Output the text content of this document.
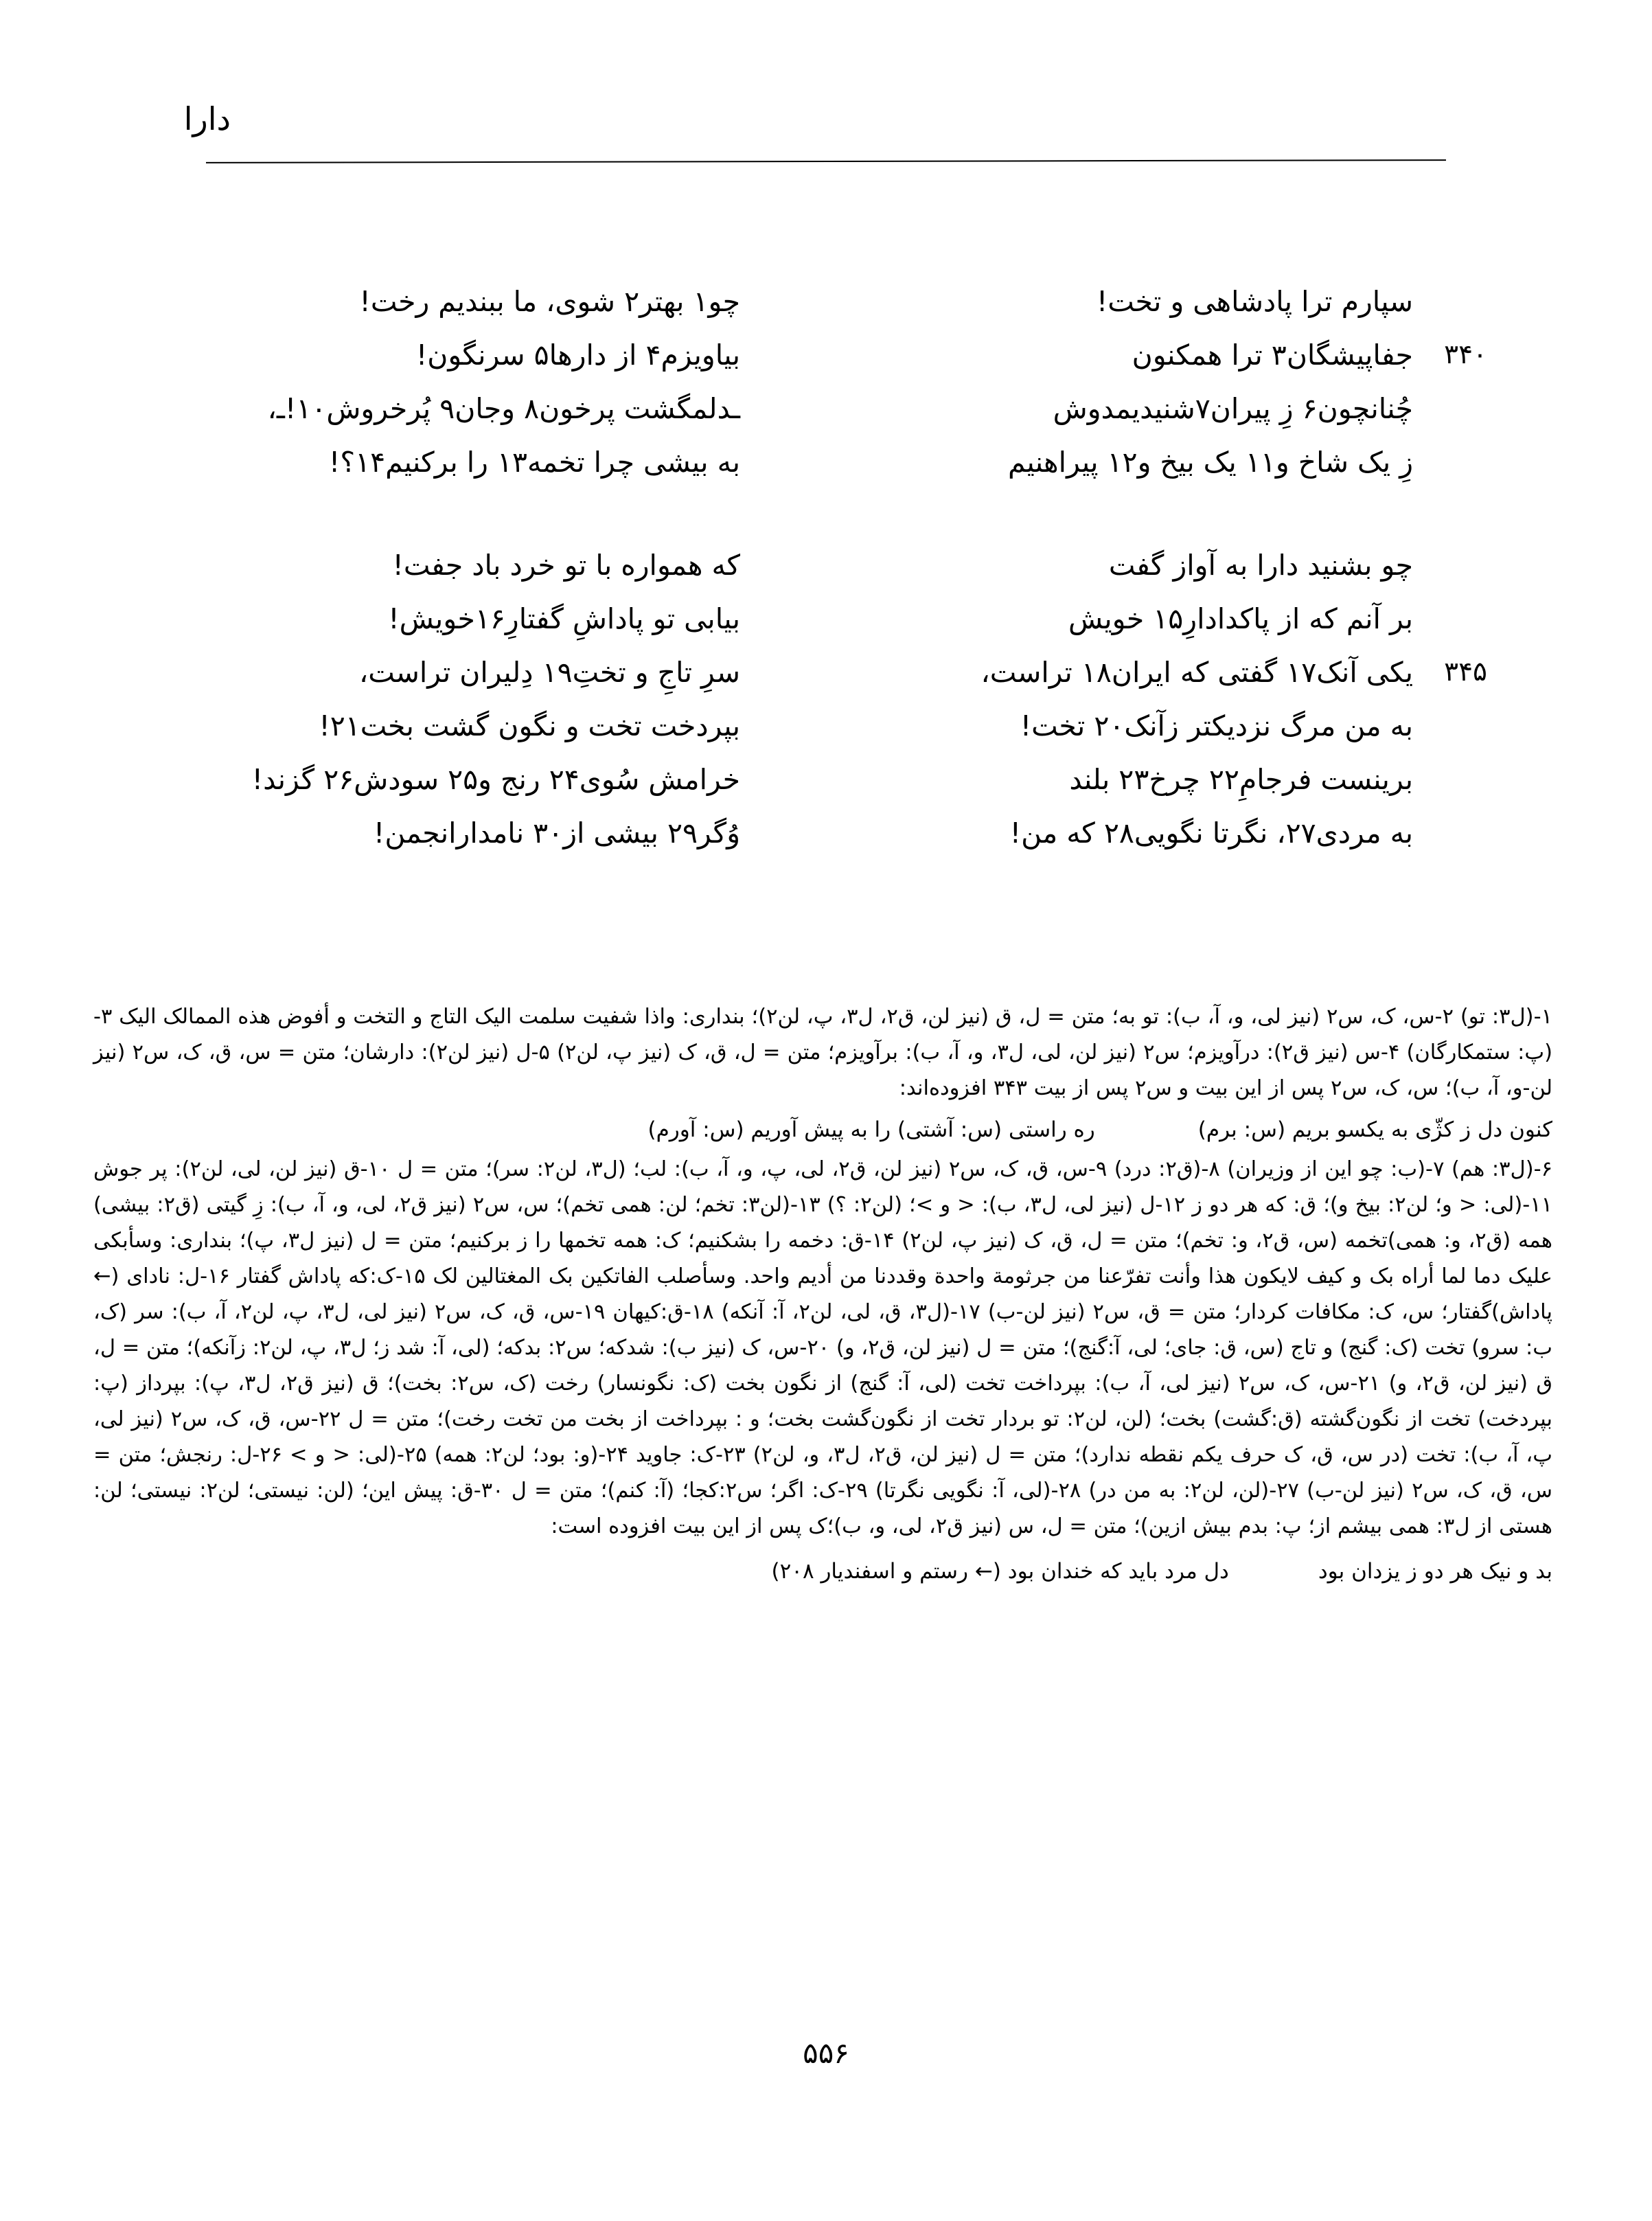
دارا
سپارم ترا پادشاهی و تخت!
چو۱ بهتر۲ شوی، ما ببندیم رخت!
۳۴۰
جفاپیشگان۳ ترا همکنون
بیاویزم۴ از دارها۵ سرنگون!
چُنانچون۶ زِ پیران۷شنیدیمدوش
ـدلمگشت پرخون۸ وجان۹ پُرخروش۱۰!ـ،
زِ یک شاخ و۱۱ یک بیخ و۱۲ پیراهنیم
به بیشی چرا تخمه۱۳ را برکنیم۱۴؟!
چو بشنید دارا به آواز گفت
که همواره با تو خرد باد جفت!
بر آنم که از پاکدادارِ۱۵ خویش
بیابی تو پاداشِ گفتارِ۱۶خویش!
۳۴۵
یکی آنک۱۷ گفتی که ایران۱۸ تراست،
سرِ تاجِ و تختِ۱۹ دِلیران تراست،
به من مرگ نزدیکتر زآنک۲۰ تخت!
بپردخت تخت و نگون گشت بخت۲۱!
برینست فرجامِ۲۲ چرخ۲۳ بلند
خرامش سُوی۲۴ رنج و۲۵ سودش۲۶ گزند!
به مردی۲۷، نگرتا نگویی۲۸ که من!
وُگر۲۹ بیشی از۳۰ نامدارانجمن!
۱-(ل۳: تو) ۲-س، ک، س۲ (نیز لی، و، آ، ب): تو به؛ متن = ل، ق (نیز لن، ق۲، ل۳، پ، لن۲)؛ بنداری: واذا شفیت سلمت الیک التاج و التخت و أفوض هذه الممالک الیک ۳-(پ: ستمکارگان) ۴-س (نیز ق۲): درآویزم؛ س۲ (نیز لن، لی، ل۳، و، آ، ب): برآویزم؛ متن = ل، ق، ک (نیز پ، لن۲) ۵-ل (نیز لن۲): دارشان؛ متن = س، ق، ک، س۲ (نیز لن-و، آ، ب)؛ س، ک، س۲ پس از این بیت و س۲ پس از بیت ۳۴۳ افزوده‌اند:
کنون دل ز کژّی به یکسو بریم (س: برم)
ره راستی (س: آشتی) را به پیش آوریم (س: آورم)
۶-(ل۳: هم) ۷-(ب: چو این از وزیران) ۸-(ق۲: درد) ۹-س، ق، ک، س۲ (نیز لن، ق۲، لی، پ، و، آ، ب): لب؛ (ل۳، لن۲: سر)؛ متن = ل ۱۰-ق (نیز لن، لی، لن۲): پر جوش ۱۱-(لی: < و؛ لن۲: بیخ و)؛ ق: که هر دو ز ۱۲-ل (نیز لی، ل۳، ب): < و >؛ (لن۲: ؟) ۱۳-(لن۳: تخم؛ لن: همی تخم)؛ س، س۲ (نیز ق۲، لی، و، آ، ب): زِ گیتی (ق۲: بیشی) همه (ق۲، و: همی)تخمه (س، ق۲، و: تخم)؛ متن = ل، ق، ک (نیز پ، لن۲) ۱۴-ق: دخمه را بشکنیم؛ ک: همه تخمها را ز برکنیم؛ متن = ل (نیز ل۳، پ)؛ بنداری: وسأبکی علیک دما لما أراه بک و کیف لایکون هذا وأنت تفرّعنا من جرثومة واحدة وقددنا من أدیم واحد. وسأصلب الفاتکین بک المغتالین لک ۱۵-ک:که پاداش گفتار ۱۶-ل: نادای (← پاداش)گفتار؛ س، ک: مکافات کردار؛ متن = ق، س۲ (نیز لن-ب) ۱۷-(ل۳، ق، لی، لن۲، آ: آنکه) ۱۸-ق:کیهان ۱۹-س، ق، ک، س۲ (نیز لی، ل۳، پ، لن۲، آ، ب): سر (ک، ب: سرو) تخت (ک: گنج) و تاج (س، ق: جای؛ لی، آ:گنج)؛ متن = ل (نیز لن، ق۲، و) ۲۰-س، ک (نیز ب): شدکه؛ س۲: بدکه؛ (لی، آ: شد ز؛ ل۳، پ، لن۲: زآنکه)؛ متن = ل، ق (نیز لن، ق۲، و) ۲۱-س، ک، س۲ (نیز لی، آ، ب): بپرداخت تخت (لی، آ: گنج) از نگون بخت (ک: نگونسار) رخت (ک، س۲: بخت)؛ ق (نیز ق۲، ل۳، پ): بپرداز (پ: بپردخت) تخت از نگون‌گشته (ق:گشت) بخت؛ (لن، لن۲: تو بردار تخت از نگون‌گشت بخت؛ و : بپرداخت از بخت من تخت رخت)؛ متن = ل ۲۲-س، ق، ک، س۲ (نیز لی، پ، آ، ب): تخت (در س، ق، ک حرف یکم نقطه ندارد)؛ متن = ل (نیز لن، ق۲، ل۳، و، لن۲) ۲۳-ک: جاوید ۲۴-(و: بود؛ لن۲: همه) ۲۵-(لی: < و > ۲۶-ل: رنجش؛ متن = س، ق، ک، س۲ (نیز لن-ب) ۲۷-(لن، لن۲: به من در) ۲۸-(لی، آ: نگویی نگرتا) ۲۹-ک: اگر؛ س۲:کجا؛ (آ: کنم)؛ متن = ل ۳۰-ق: پیش این؛ (لن: نیستی؛ لن۲: نیستی؛ لن: هستی از ل۳: همی بیشم از؛ پ: بدم بیش ازین)؛ متن = ل، س (نیز ق۲، لی، و، ب)؛ک پس از این بیت افزوده است:
بد و نیک هر دو ز یزدان بود
دل مرد باید که خندان بود (← رستم و اسفندیار ۲۰۸)
۵۵۶
